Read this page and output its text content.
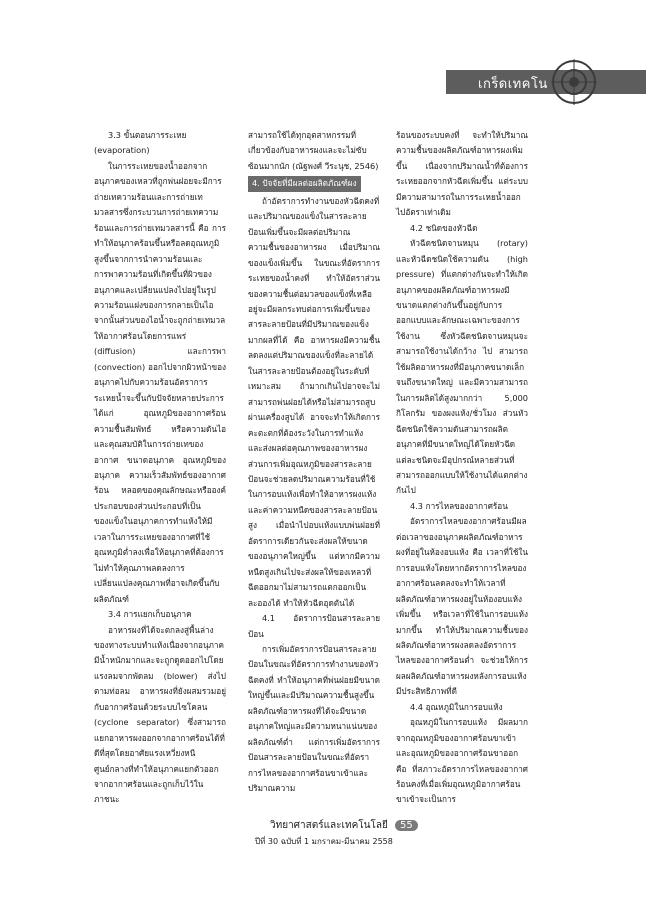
เกร็ดเทคโน

3.3 ขั้นตอนการระเหย

(evaporation)

ในการระเหยของน้ำออกจากอนุภาคของเหลวที่ถูกพ่นฝอยจะมีการถ่ายเทความร้อนและการถ่ายเทมวลสารซึ่งกระบวนการถ่ายเทความร้อนและการถ่ายเทมวลสารนี้ คือ การทำให้อนุภาคร้อนขึ้นหรือลดอุณหภูมิสูงขึ้นจากการนำความร้อนและการพาความร้อนที่เกิดขึ้นที่ผิวของอนุภาคและเปลี่ยนแปลงไปอยู่ในรูปความร้อนแฝงของการกลายเป็นไอจากนั้นส่วนของไอน้ำจะถูกถ่ายเทมวลให้อากาศร้อนโดยการแพร่ (diffusion) และการพา (convection) ออกไปจากผิวหน้าของอนุภาคไปกับความร้อนอัตราการระเหยน้ำจะขึ้นกับปัจจัยหลายประการ ได้แก่ อุณหภูมิของอากาศร้อนความชื้นสัมพัทธ์ หรือความดันไอ และคุณสมบัติในการถ่ายเทของอากาศ ขนาดอนุภาค อุณหภูมิของอนุภาค ความเร็วสัมพัทธ์ของอากาศร้อน หลอดของคุณลักษณะหรือองค์ประกอบของส่วนประกอบที่เป็นของแข็งในอนุภาคการทำแห้งให้มีเวลาในการระเหยของอากาศที่ใช้อุณหภูมิต่ำลงเพื่อให้อนุภาคที่ต้องการ ไม่ทำให้คุณภาพลดลงการเปลี่ยนแปลงคุณภาพที่อาจเกิดขึ้นกับผลิตภัณฑ์

3.4 การแยกเก็บอนุภาค

อาหารผงที่ได้จะตกลงสู่พื้นล่างของทางระบบทำแห้งเนื่องจากอนุภาคมีน้ำหนักมากและจะถูกดูดออกไปโดยแรงลมจากพัดลม (blower) ส่งไปตามท่อลม อาหารผงที่ยังผสมรวมอยู่กับอากาศร้อนด้วยระบบไซโคลน (cyclone separator) ซึ่งสามารถแยกอาหารผงออกจากอากาศร้อนได้ที่ดีที่สุดโดยอาศัยแรงเหวี่ยงหนีศูนย์กลางที่ทำให้อนุภาคแยกตัวออกจากอากาศร้อนและถูกเก็บไว้ในภาชนะ

สามารถใช้ได้ทุกอุตสาหกรรมที่เกี่ยวข้องกับอาหารผงและจะไม่ซับซ้อนมากนัก (ณัฐพงศ์ วีระนุช, 2546)

4. ปัจจัยที่มีผลต่อผลิตภัณฑ์ผง

ถ้าอัตราการทำงานของหัวฉีดคงที่และปริมาณของแข็งในสารละลายป้อนเพิ่มขึ้นจะมีผลต่อปริมาณความชื้นของอาหารผง เมื่อปริมาณของแข็งเพิ่มขึ้น ในขณะที่อัตราการระเหยของน้ำคงที่ ทำให้อัตราส่วนของความชื้นต่อมวลของแข็งที่เหลืออยู่จะมีผลกระทบต่อการเพิ่มขึ้นของสารละลายป้อนที่มีปริมาณของแข็งมากผลที่ได้ คือ อาหารผงมีความชื้นลดลงแต่ปริมาณของแข็งที่ละลายได้ในสารละลายป้อนต้องอยู่ในระดับที่เหมาะสม ถ้ามากเกินไปอาจจะไม่สามารถพ่นฝอยได้หรือไม่สามารถสูบผ่านเครื่องสูบได้ อาจจะทำให้เกิดการ คะตะตกที่ต้องระวังในการทำแห้ง และส่งผลต่อคุณภาพของอาหารผง ส่วนการเพิ่มอุณหภูมิของสารละลายป้อนจะช่วยลดปริมาณความร้อนที่ใช้ในการอบแห้งเพื่อทำให้อาหารผงแห้งและค่าความหนืดของสารละลายป้อนสูง เมื่อนำไปอบแห้งแบบพ่นฝอยที่อัตราการเดียวกันจะส่งผลให้ขนาดของอนุภาคใหญ่ขึ้น แต่หากมีความหนืดสูงเกินไปจะส่งผลให้ของเหลวที่ฉีดออกมาไม่สามารถแตกออกเป็นละอองได้ ทำให้หัวฉีดอุดตันได้

4.1 อัตราการป้อนสารละลายป้อน

การเพิ่มอัตราการป้อนสารละลายป้อนในขณะที่อัตราการทำงานของหัวฉีดคงที่ ทำให้อนุภาคที่พ่นฝอยมีขนาดใหญ่ขึ้นและมีปริมาณความชื้นสูงขึ้น ผลิตภัณฑ์อาหารผงที่ได้จะมีขนาดอนุภาคใหญ่และมีความหนาแน่นของผลิตภัณฑ์ต่ำ แต่การเพิ่มอัตราการป้อนสารละลายป้อนในขณะที่อัตราการไหลของอากาศร้อนขาเข้าและปริมาณความ

ร้อนของระบบคงที่ จะทำให้ปริมาณความชื้นของผลิตภัณฑ์อาหารผงเพิ่มขึ้น เนื่องจากปริมาณน้ำที่ต้องการระเหยออกจากหัวฉีดเพิ่มขึ้น แต่ระบบมีความสามารถในการระเหยน้ำออกไปอัตราเท่าเดิม

4.2 ชนิดของหัวฉีด

หัวฉีดชนิดจานหมุน (rotary) และหัวฉีดชนิดใช้ความดัน (high pressure) ที่แตกต่างกันจะทำให้เกิดอนุภาคของผลิตภัณฑ์อาหารผงมีขนาดแตกต่างกันขึ้นอยู่กับการออกแบบและลักษณะเฉพาะของการใช้งาน ซึ่งหัวฉีดชนิดจานหมุนจะสามารถใช้งานได้กว้าง ไป สามารถใช้ผลิตอาหารผงที่มีอนุภาคขนาดเล็กจนถึงขนาดใหญ่ และมีความสามารถในการผลิตได้สูงมากกว่า 5,000 กิโลกรัม ของผงแห้ง/ชั่วโมง ส่วนหัวฉีดชนิดใช้ความดันสามารถผลิตอนุภาคที่มีขนาดใหญ่ได้โดยหัวฉีดแต่ละชนิดจะมีอุปกรณ์หลายส่วนที่สามารถออกแบบให้ใช้งานได้แตกต่างกันไป

4.3 การไหลของอากาศร้อน

อัตราการไหลของอากาศร้อนมีผลต่อเวลาของอนุภาคผลิตภัณฑ์อาหารผงที่อยู่ในห้องอบแห้ง คือ เวลาที่ใช้ในการอบแห้งโดยหากอัตราการไหลของอากาศร้อนลดลงจะทำให้เวลาที่ผลิตภัณฑ์อาหารผงอยู่ในห้องอบแห้งเพิ่มขึ้น หรือเวลาที่ใช้ในการอบแห้งมากขึ้น ทำให้ปริมาณความชื้นของผลิตภัณฑ์อาหารผงลดลงอัตราการไหลของอากาศร้อนต่ำ จะช่วยให้การผลผลิตภัณฑ์อาหารผงหลังการอบแห้งมีประสิทธิภาพที่ดี

4.4 อุณหภูมิในการอบแห้ง

อุณหภูมิในการอบแห้ง มีผลมากจากอุณหภูมิของอากาศร้อนขาเข้าและอุณหภูมิของอากาศร้อนขาออก คือ ที่สภาวะอัตราการไหลของอากาศร้อนคงที่เมื่อเพิ่มอุณหภูมิอากาศร้อนขาเข้าจะเป็นการ

วิทยาศาสตร์และเทคโนโลยี 55
ปีที่ 30 ฉบับที่ 1 มกราคม-มีนาคม 2558
